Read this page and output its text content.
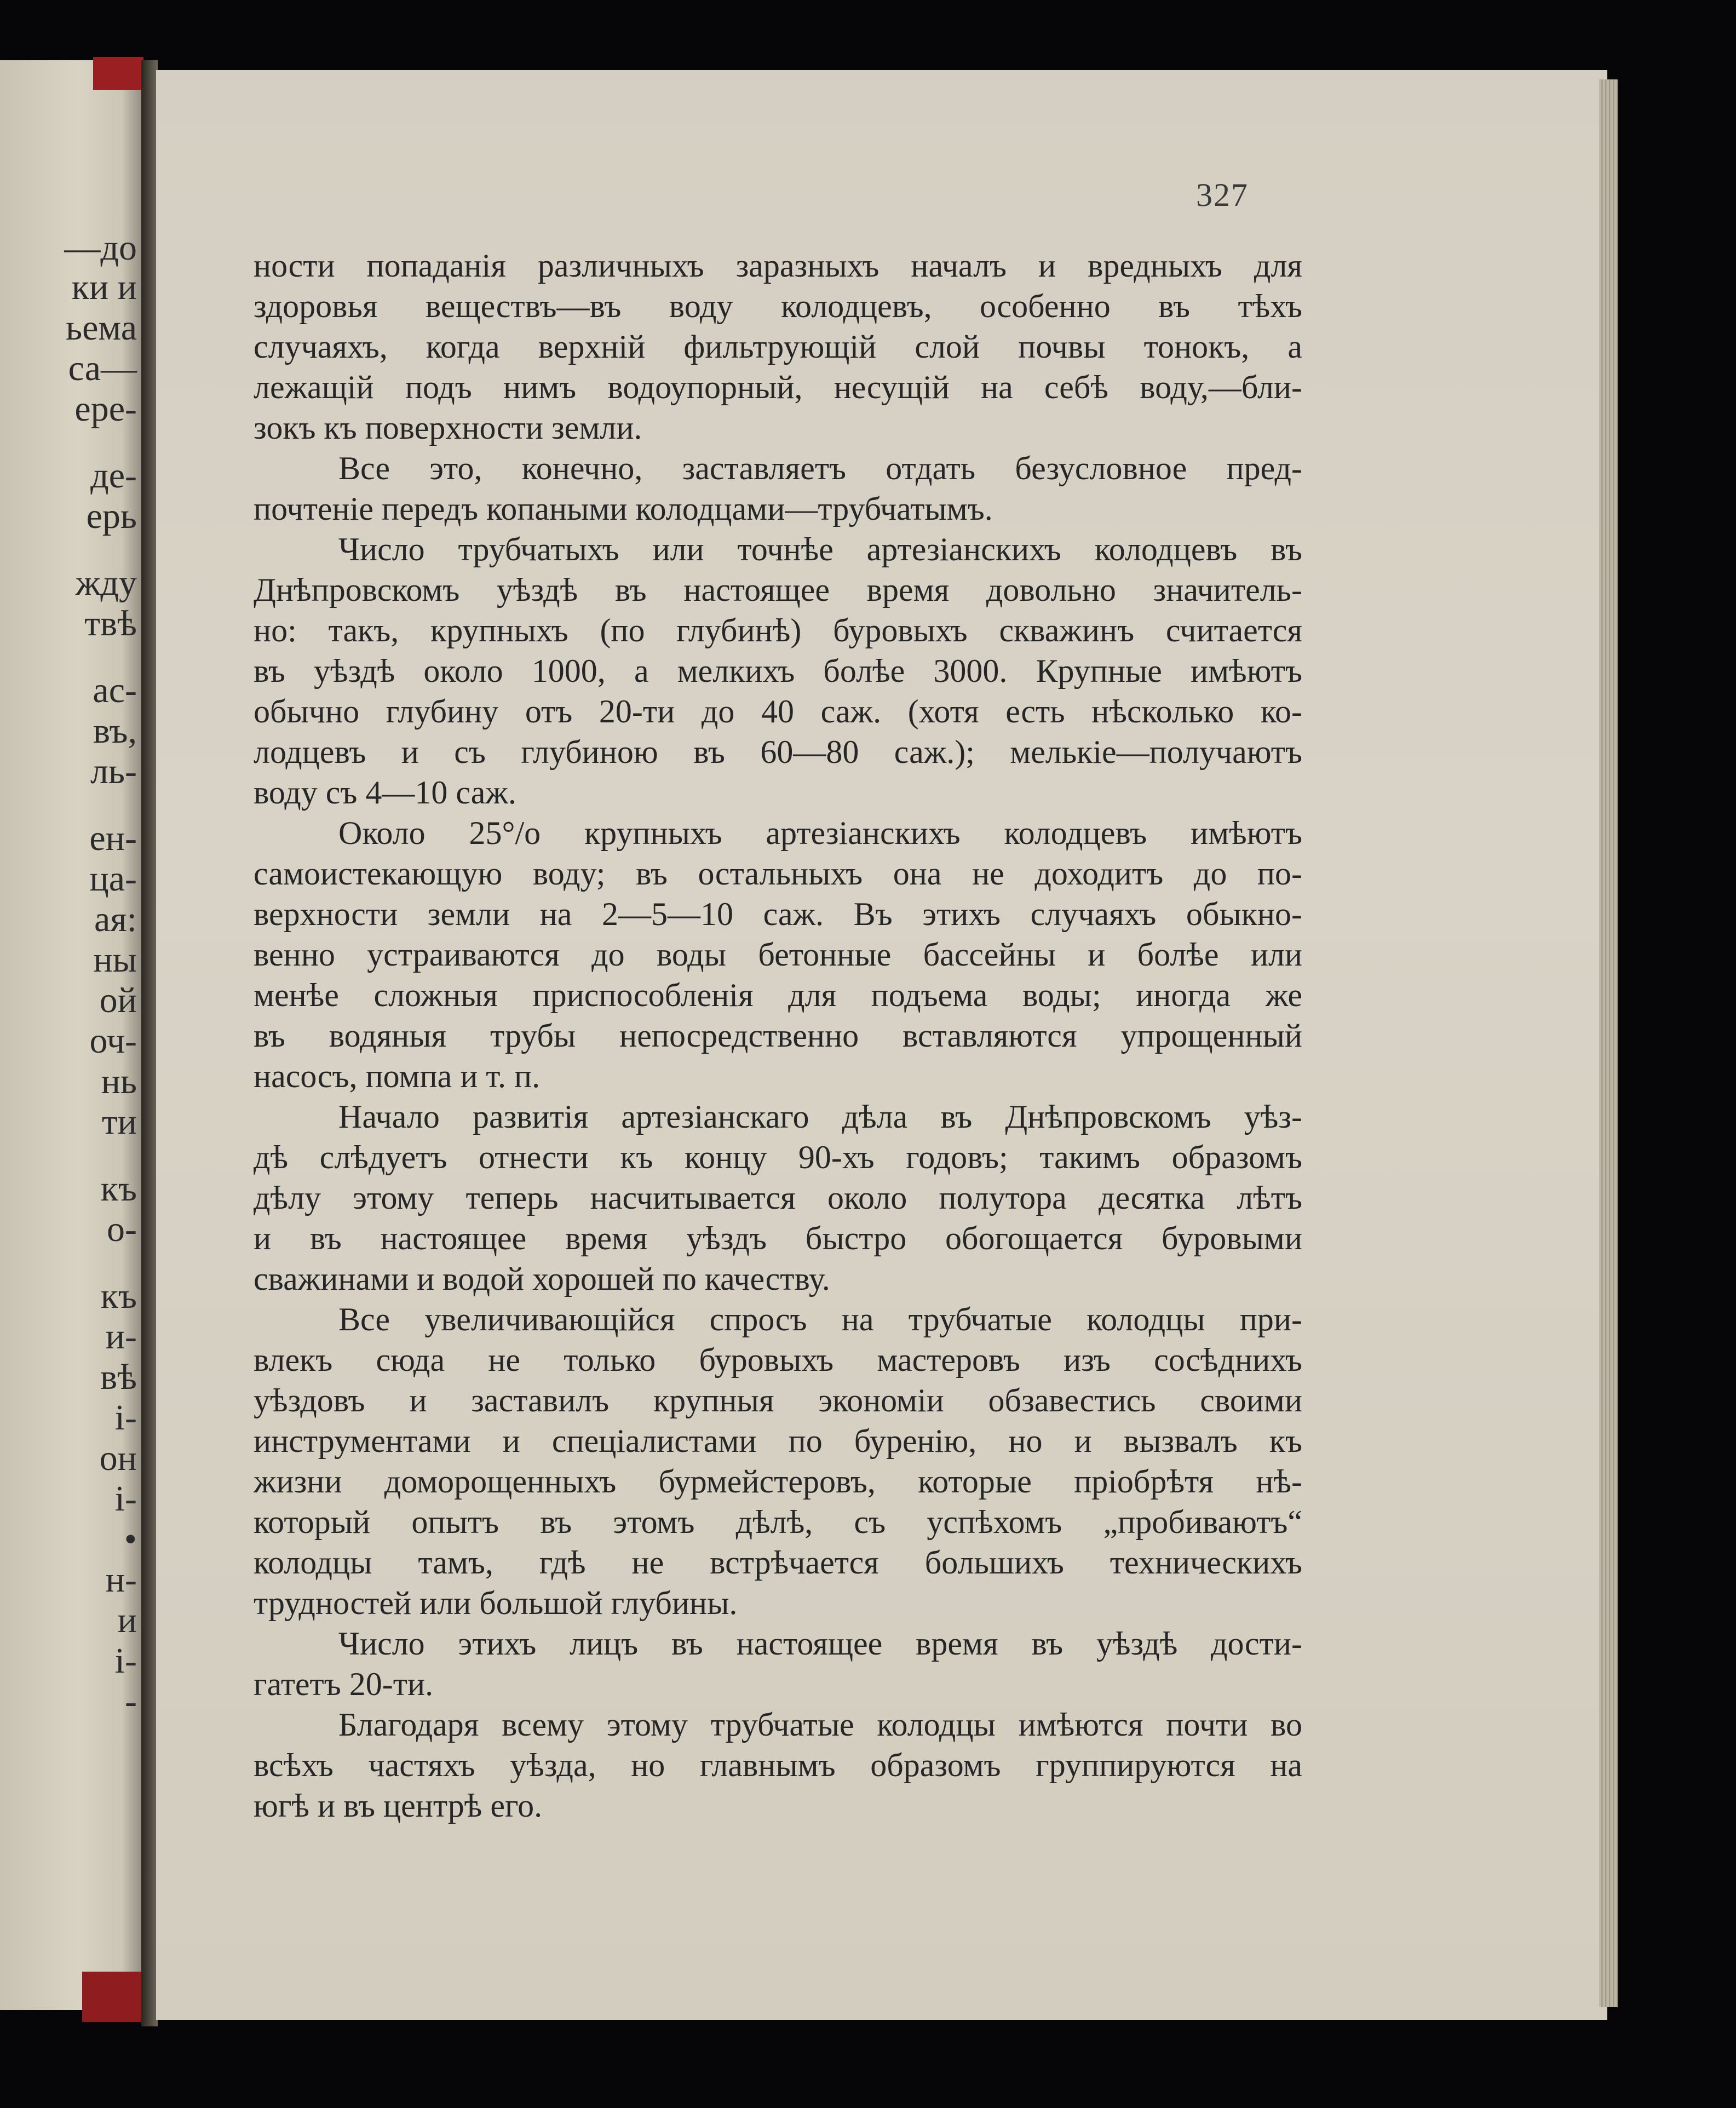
—до
ки и
ьема
са—
ере-
де-
ерь
жду
твѣ
ас-
въ,
ль-
ен-
ца-
ая:
ны
ой
оч-
нь
ти
къ
о-
къ
и-
вѣ
і-
он
і-
•
н-
и
і-
-
327
ности попаданія различныхъ заразныхъ началъ и вредныхъ для
здоровья веществъ—въ воду колодцевъ, особенно въ тѣхъ
случаяхъ, когда верхній фильтрующій слой почвы тонокъ, а
лежащій подъ нимъ водоупорный, несущій на себѣ воду,—бли-
зокъ къ поверхности земли.
Все это, конечно, заставляетъ отдать безусловное пред-
почтеніе передъ копаными колодцами—трубчатымъ.
Число трубчатыхъ или точнѣе артезіанскихъ колодцевъ въ
Днѣпровскомъ уѣздѣ въ настоящее время довольно значитель-
но: такъ, крупныхъ (по глубинѣ) буровыхъ скважинъ считается
въ уѣздѣ около 1000, а мелкихъ болѣе 3000. Крупные имѣютъ
обычно глубину отъ 20-ти до 40 саж. (хотя есть нѣсколько ко-
лодцевъ и съ глубиною въ 60—80 саж.); мелькіе—получаютъ
воду съ 4—10 саж.
Около 25°/o крупныхъ артезіанскихъ колодцевъ имѣютъ
самоистекающую воду; въ остальныхъ она не доходитъ до по-
верхности земли на 2—5—10 саж. Въ этихъ случаяхъ обыкно-
венно устраиваются до воды бетонные бассейны и болѣе или
менѣе сложныя приспособленія для подъема воды; иногда же
въ водяныя трубы непосредственно вставляются упрощенный
насосъ, помпа и т. п.
Начало развитія артезіанскаго дѣла въ Днѣпровскомъ уѣз-
дѣ слѣдуетъ отнести къ концу 90-хъ годовъ; такимъ образомъ
дѣлу этому теперь насчитывается около полутора десятка лѣтъ
и въ настоящее время уѣздъ быстро обогощается буровыми
сважинами и водой хорошей по качеству.
Все увеличивающійся спросъ на трубчатые колодцы при-
влекъ сюда не только буровыхъ мастеровъ изъ сосѣднихъ
уѣздовъ и заставилъ крупныя экономіи обзавестись своими
инструментами и спеціалистами по буренію, но и вызвалъ къ
жизни доморощенныхъ бурмейстеровъ, которые пріобрѣтя нѣ-
который опытъ въ этомъ дѣлѣ, съ успѣхомъ „пробиваютъ“
колодцы тамъ, гдѣ не встрѣчается большихъ техническихъ
трудностей или большой глубины.
Число этихъ лицъ въ настоящее время въ уѣздѣ дости-
гатетъ 20-ти.
Благодаря всему этому трубчатые колодцы имѣются почти во
всѣхъ частяхъ уѣзда, но главнымъ образомъ группируются на
югѣ и въ центрѣ его.
